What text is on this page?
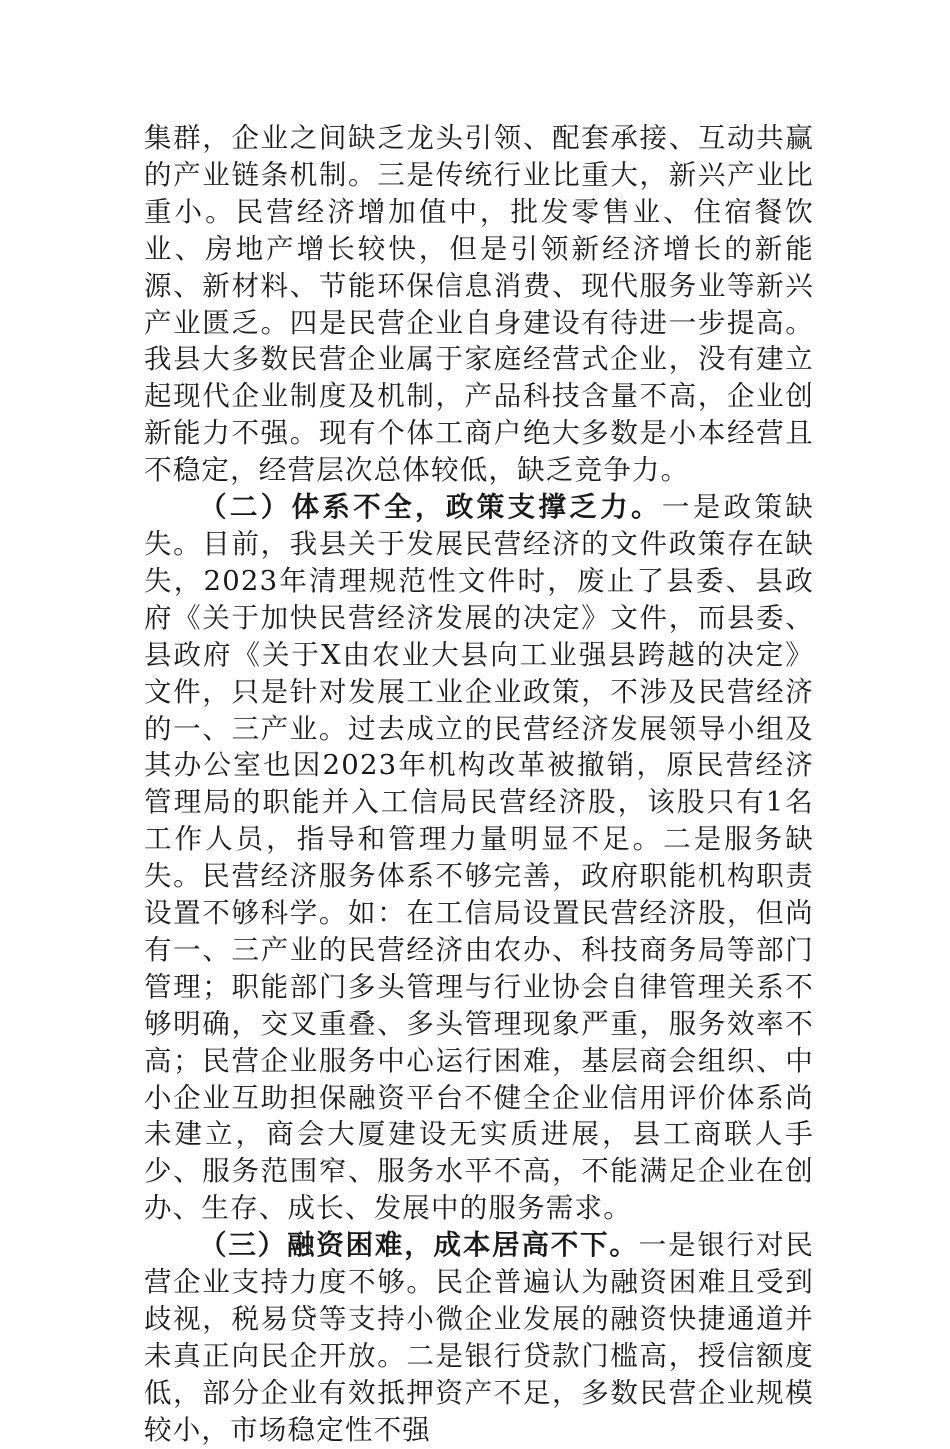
集群，企业之间缺乏龙头引领、配套承接、互动共赢的产业链条机制。三是传统行业比重大，新兴产业比重小。民营经济增加值中，批发零售业、住宿餐饮业、房地产增长较快，但是引领新经济增长的新能源、新材料、节能环保信息消费、现代服务业等新兴产业匮乏。四是民营企业自身建设有待进一步提高。我县大多数民营企业属于家庭经营式企业，没有建立起现代企业制度及机制，产品科技含量不高，企业创新能力不强。现有个体工商户绝大多数是小本经营且不稳定，经营层次总体较低，缺乏竞争力。

（二）体系不全，政策支撑乏力。一是政策缺失。目前，我县关于发展民营经济的文件政策存在缺失，2023年清理规范性文件时，废止了县委、县政府《关于加快民营经济发展的决定》文件，而县委、县政府《关于X由农业大县向工业强县跨越的决定》文件，只是针对发展工业企业政策，不涉及民营经济的一、三产业。过去成立的民营经济发展领导小组及其办公室也因2023年机构改革被撤销，原民营经济管理局的职能并入工信局民营经济股，该股只有1名工作人员，指导和管理力量明显不足。二是服务缺失。民营经济服务体系不够完善，政府职能机构职责设置不够科学。如：在工信局设置民营经济股，但尚有一、三产业的民营经济由农办、科技商务局等部门管理；职能部门多头管理与行业协会自律管理关系不够明确，交叉重叠、多头管理现象严重，服务效率不高；民营企业服务中心运行困难，基层商会组织、中小企业互助担保融资平台不健全企业信用评价体系尚未建立，商会大厦建设无实质进展，县工商联人手少、服务范围窄、服务水平不高，不能满足企业在创办、生存、成长、发展中的服务需求。

（三）融资困难，成本居高不下。一是银行对民营企业支持力度不够。民企普遍认为融资困难且受到歧视，税易贷等支持小微企业发展的融资快捷通道并未真正向民企开放。二是银行贷款门槛高，授信额度低，部分企业有效抵押资产不足，多数民营企业规模较小，市场稳定性不强
